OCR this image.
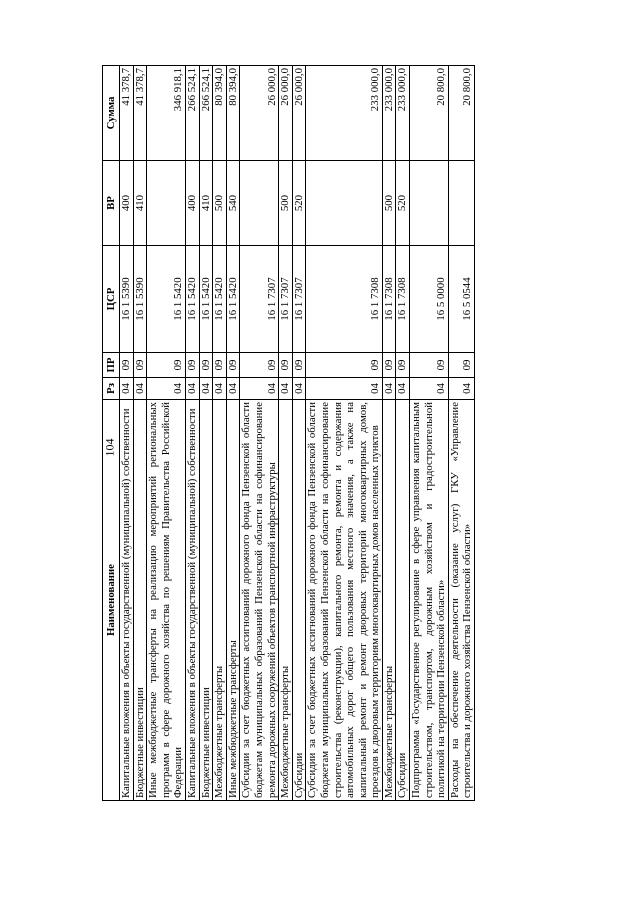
104
Наименование	Рз	ПР	ЦСР	ВР	Сумма
Капитальные вложения в объекты государственной (муниципальной) собственности	04	09	16 1 5390	400	41 378,7
Бюджетные инвестиции	04	09	16 1 5390	410	41 378,7
Иные межбюджетные трансферты на реализацию мероприятий региональных программ в сфере дорожного хозяйства по решениям Правительства Российской Федерации	04	09	16 1 5420		346 918,1
Капитальные вложения в объекты государственной (муниципальной) собственности	04	09	16 1 5420	400	266 524,1
Бюджетные инвестиции	04	09	16 1 5420	410	266 524,1
Межбюджетные трансферты	04	09	16 1 5420	500	80 394,0
Иные межбюджетные трансферты	04	09	16 1 5420	540	80 394,0
Субсидии за счет бюджетных ассигнований дорожного фонда Пензенской области бюджетам муниципальных образований Пензенской области на софинансирование ремонта дорожных сооружений объектов транспортной инфраструктуры	04	09	16 1 7307		26 000,0
Межбюджетные трансферты	04	09	16 1 7307	500	26 000,0
Субсидии	04	09	16 1 7307	520	26 000,0
Субсидии за счет бюджетных ассигнований дорожного фонда Пензенской области бюджетам муниципальных образований Пензенской области на софинансирование строительства (реконструкции), капитального ремонта, ремонта и содержания автомобильных дорог общего пользования местного значения, а также на капитальный ремонт и ремонт дворовых территорий многоквартирных домов, проездов к дворовым территориям многоквартирных домов населенных пунктов	04	09	16 1 7308		233 000,0
Межбюджетные трансферты	04	09	16 1 7308	500	233 000,0
Субсидии	04	09	16 1 7308	520	233 000,0
Подпрограмма «Государственное регулирование в сфере управления капитальным строительством, транспортом, дорожным хозяйством и градостроительной политикой на территории Пензенской области»	04	09	16 5 0000		20 800,0
Расходы на обеспечение деятельности (оказание услуг) ГКУ «Управление строительства и дорожного хозяйства Пензенской области»	04	09	16 5 0544		20 800,0
